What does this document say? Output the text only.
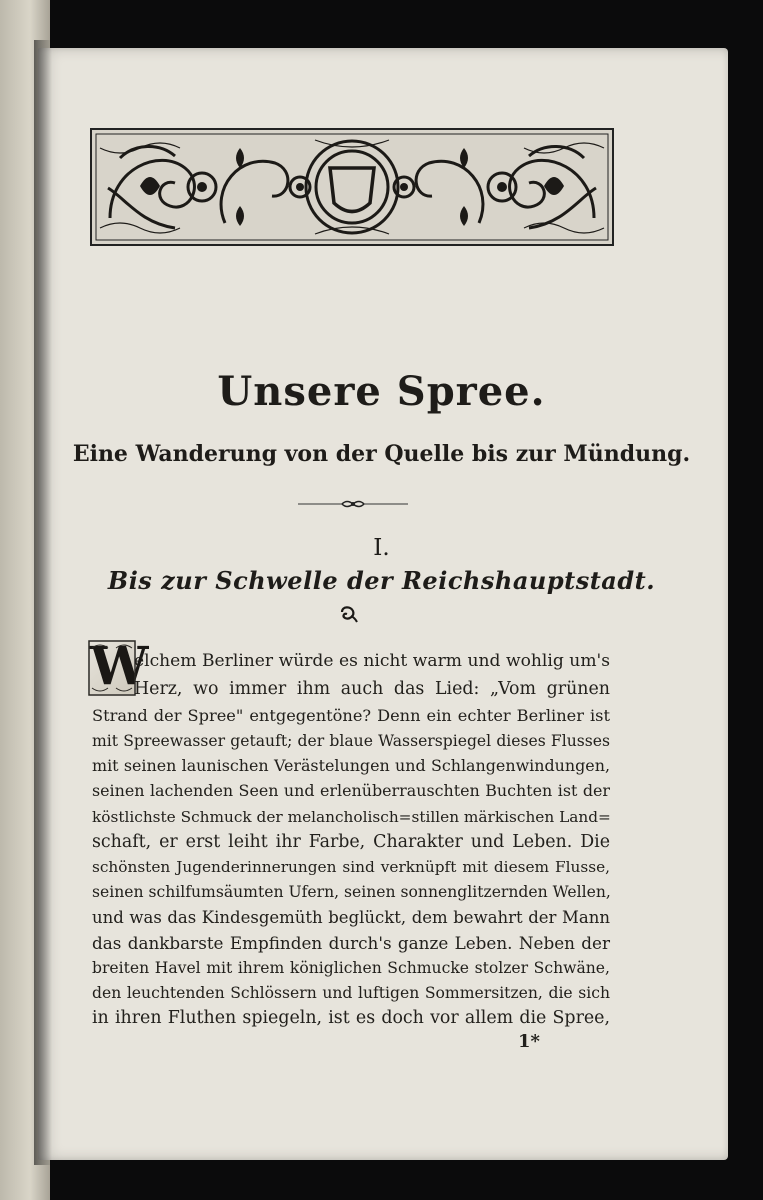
Unsere Spree.
Eine Wanderung von der Quelle bis zur Mündung.
I.
Bis zur Schwelle der Reichshauptstadt.
W
elchem Berliner würde es nicht warm und wohlig um's
Herz, wo immer ihm auch das Lied: „Vom grünen
Strand der Spree" entgegentöne? Denn ein echter Berliner ist
mit Spreewasser getauft; der blaue Wasserspiegel dieses Flusses
mit seinen launischen Verästelungen und Schlangenwindungen,
seinen lachenden Seen und erlenüberrauschten Buchten ist der
köstlichste Schmuck der melancholisch=stillen märkischen Land=
schaft, er erst leiht ihr Farbe, Charakter und Leben. Die
schönsten Jugenderinnerungen sind verknüpft mit diesem Flusse,
seinen schilfumsäumten Ufern, seinen sonnenglitzernden Wellen,
und was das Kindesgemüth beglückt, dem bewahrt der Mann
das dankbarste Empfinden durch's ganze Leben. Neben der
breiten Havel mit ihrem königlichen Schmucke stolzer Schwäne,
den leuchtenden Schlössern und luftigen Sommersitzen, die sich
in ihren Fluthen spiegeln, ist es doch vor allem die Spree,
1*
